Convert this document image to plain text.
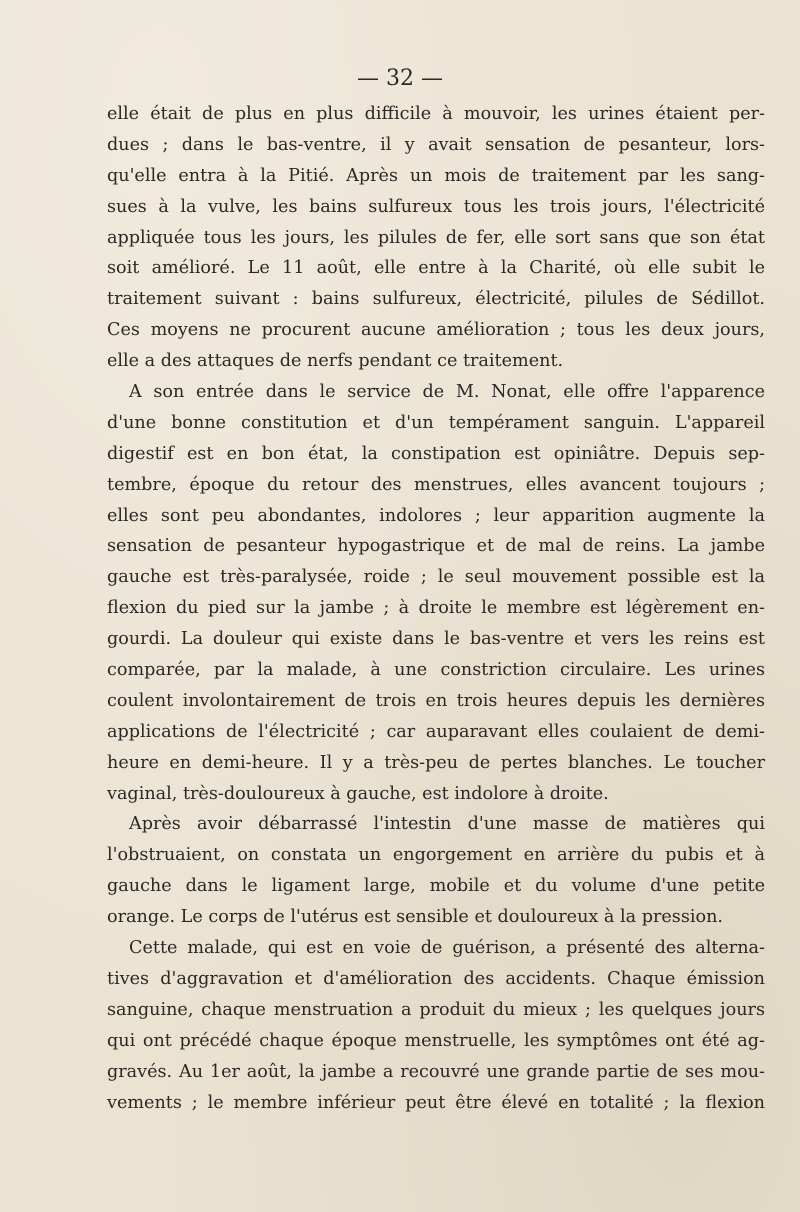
— 32 —
elle était de plus en plus difficile à mouvoir, les urines étaient per-
dues ; dans le bas-ventre, il y avait sensation de pesanteur, lors-
qu'elle entra à la Pitié. Après un mois de traitement par les sang-
sues à la vulve, les bains sulfureux tous les trois jours, l'électricité
appliquée tous les jours, les pilules de fer, elle sort sans que son état
soit amélioré. Le 11 août, elle entre à la Charité, où elle subit le
traitement suivant : bains sulfureux, électricité, pilules de Sédillot.
Ces moyens ne procurent aucune amélioration ; tous les deux jours,
elle a des attaques de nerfs pendant ce traitement.
A son entrée dans le service de M. Nonat, elle offre l'apparence
d'une bonne constitution et d'un tempérament sanguin. L'appareil
digestif est en bon état, la constipation est opiniâtre. Depuis sep-
tembre, époque du retour des menstrues, elles avancent toujours ;
elles sont peu abondantes, indolores ; leur apparition augmente la
sensation de pesanteur hypogastrique et de mal de reins. La jambe
gauche est très-paralysée, roide ; le seul mouvement possible est la
flexion du pied sur la jambe ; à droite le membre est légèrement en-
gourdi. La douleur qui existe dans le bas-ventre et vers les reins est
comparée, par la malade, à une constriction circulaire. Les urines
coulent involontairement de trois en trois heures depuis les dernières
applications de l'électricité ; car auparavant elles coulaient de demi-
heure en demi-heure. Il y a très-peu de pertes blanches. Le toucher
vaginal, très-douloureux à gauche, est indolore à droite.
Après avoir débarrassé l'intestin d'une masse de matières qui
l'obstruaient, on constata un engorgement en arrière du pubis et à
gauche dans le ligament large, mobile et du volume d'une petite
orange. Le corps de l'utérus est sensible et douloureux à la pression.
Cette malade, qui est en voie de guérison, a présenté des alterna-
tives d'aggravation et d'amélioration des accidents. Chaque émission
sanguine, chaque menstruation a produit du mieux ; les quelques jours
qui ont précédé chaque époque menstruelle, les symptômes ont été ag-
gravés. Au 1er août, la jambe a recouvré une grande partie de ses mou-
vements ; le membre inférieur peut être élevé en totalité ; la flexion
